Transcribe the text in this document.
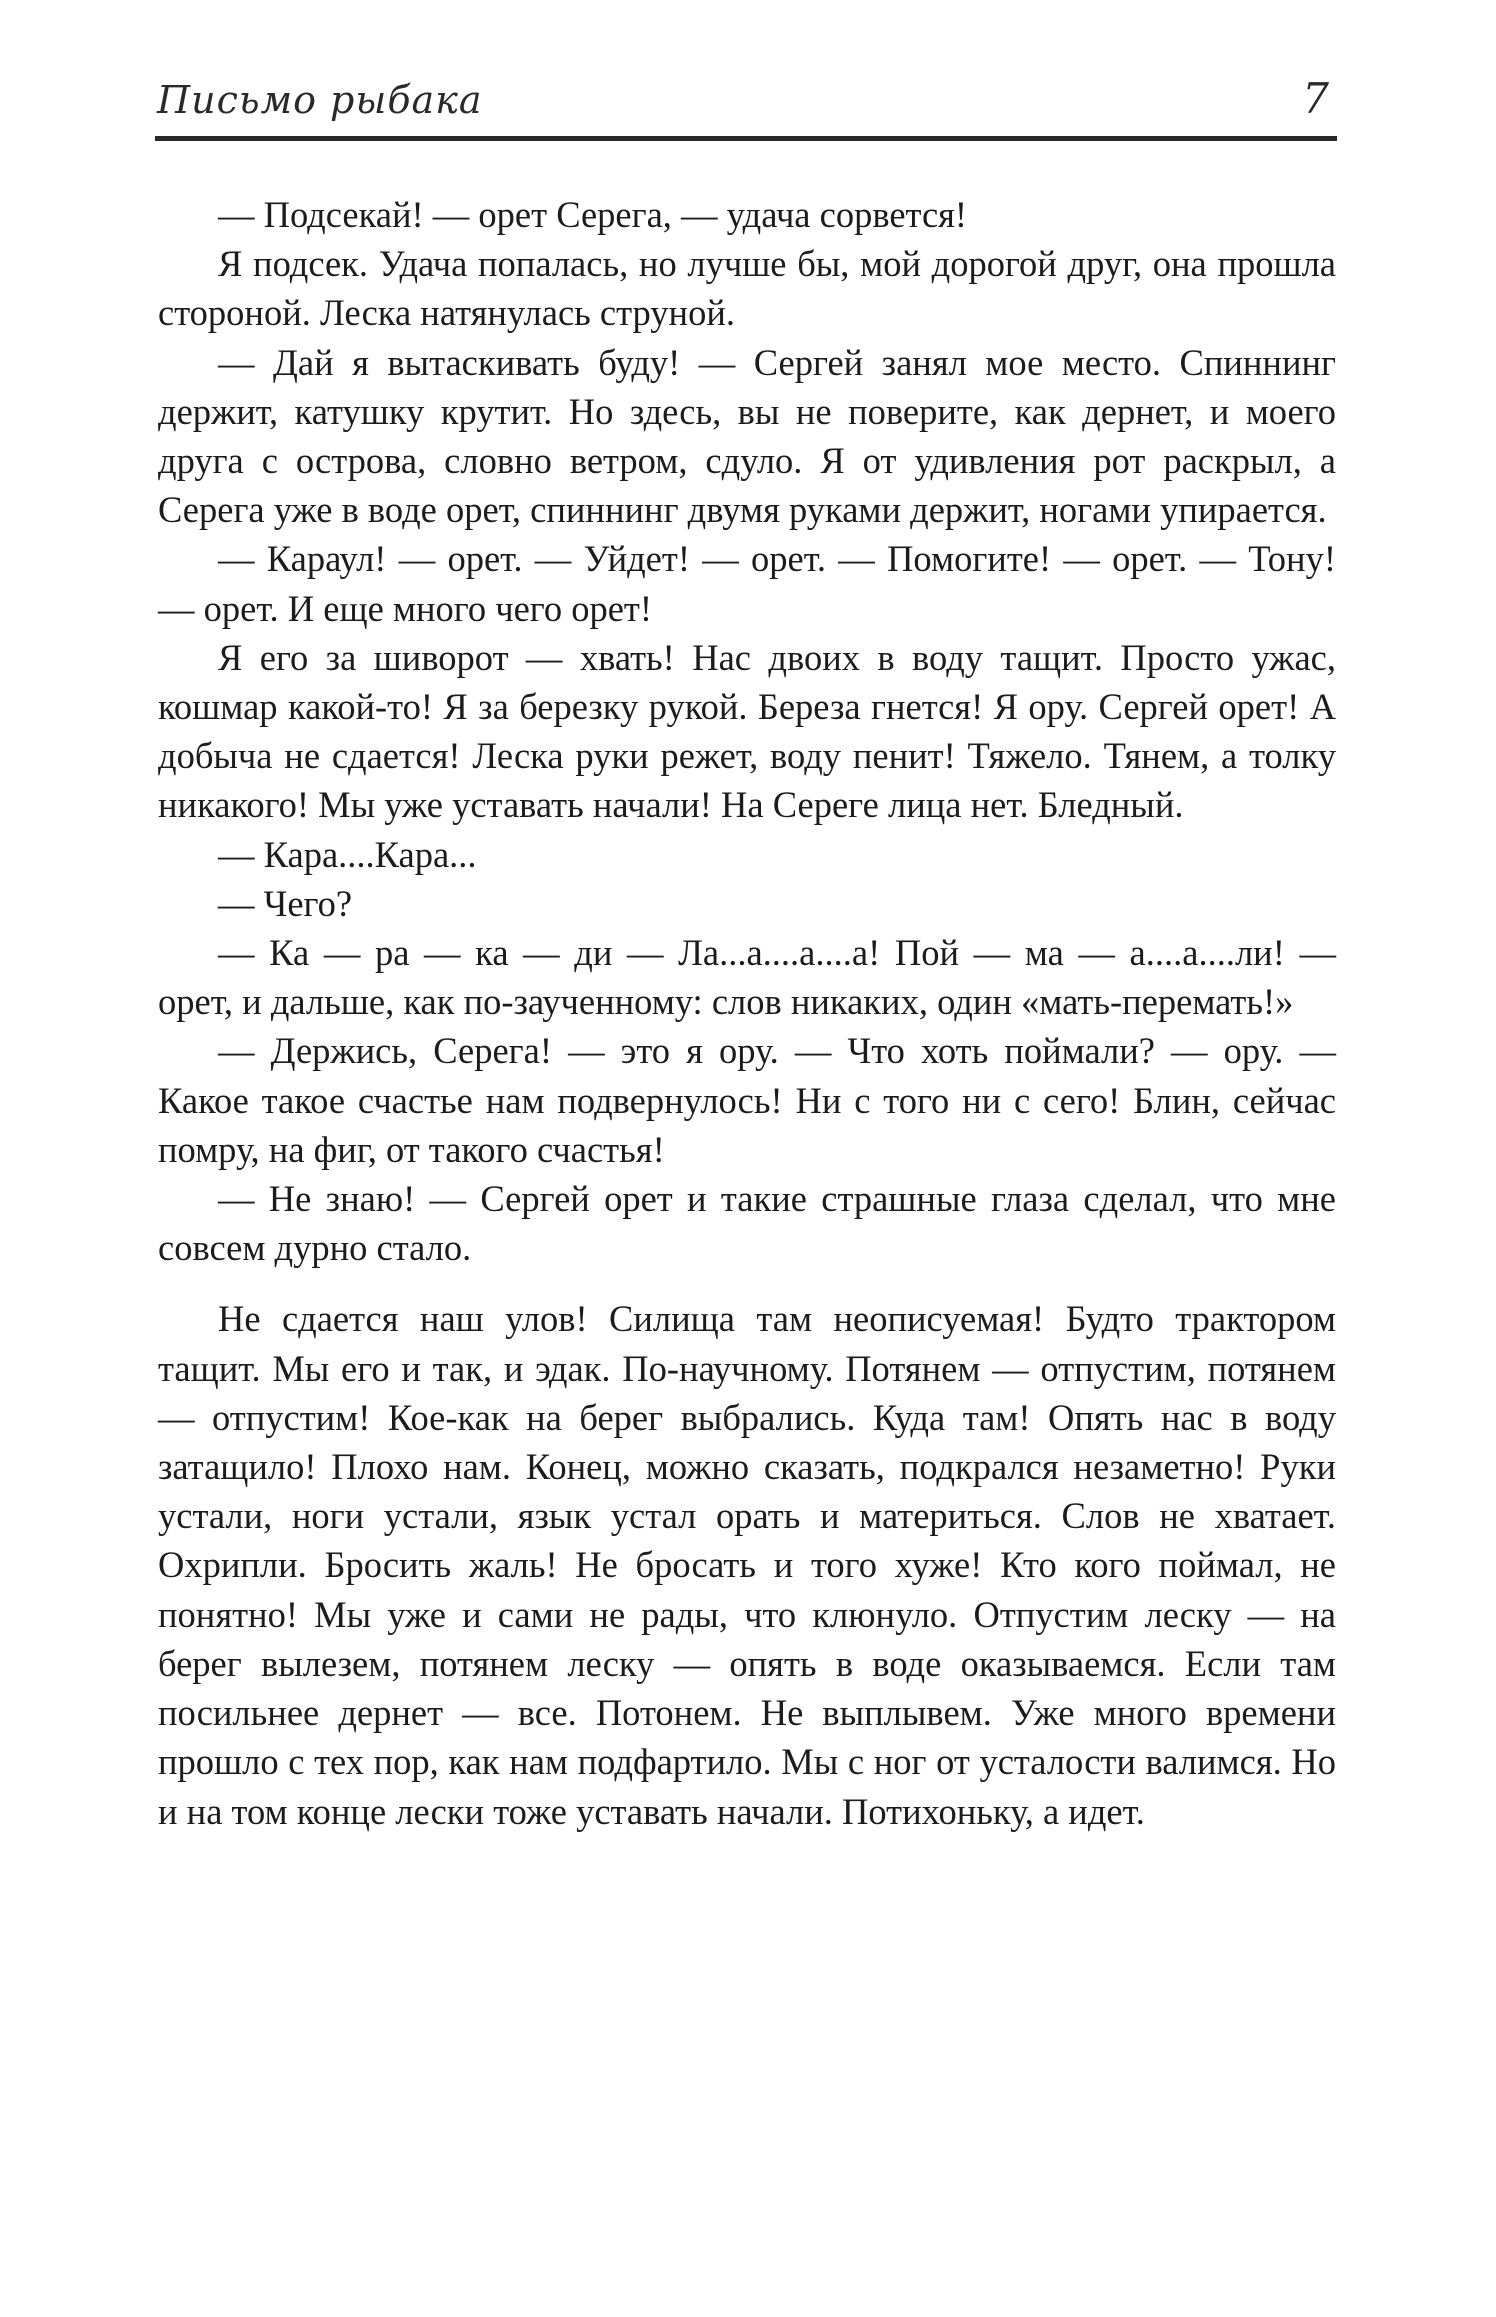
Письмо рыбака	7

— Подсекай! — орет Серега, — удача сорвется!

Я подсек. Удача попалась, но лучше бы, мой дорогой друг, она прошла стороной. Леска натянулась струной.

— Дай я вытаскивать буду! — Сергей занял мое место. Спиннинг держит, катушку крутит. Но здесь, вы не поверите, как дернет, и моего друга с острова, словно ветром, сдуло. Я от удивления рот раскрыл, а Серега уже в воде орет, спиннинг двумя руками держит, ногами упирается.

— Караул! — орет. — Уйдет! — орет. — Помогите! — орет. — Тону! — орет. И еще много чего орет!

Я его за шиворот — хвать! Нас двоих в воду тащит. Просто ужас, кошмар какой-то! Я за березку рукой. Береза гнется! Я ору. Сергей орет! А добыча не сдается! Леска руки режет, воду пенит! Тяжело. Тянем, а толку никакого! Мы уже уставать начали! На Сереге лица нет. Бледный.

— Кара....Кара...

— Чего?

— Ка — ра — ка — ди — Ла...а....а....а! Пой — ма — а....а....ли! — орет, и дальше, как по-заученному: слов никаких, один «мать-перемать!»

— Держись, Серега! — это я ору. — Что хоть поймали? — ору. — Какое такое счастье нам подвернулось! Ни с того ни с сего! Блин, сейчас помру, на фиг, от такого счастья!

— Не знаю! — Сергей орет и такие страшные глаза сделал, что мне совсем дурно стало.

Не сдается наш улов! Силища там неописуемая! Будто трактором тащит. Мы его и так, и эдак. По-научному. Потянем — отпустим, потянем — отпустим! Кое-как на берег выбрались. Куда там! Опять нас в воду затащило! Плохо нам. Конец, можно сказать, подкрался незаметно! Руки устали, ноги устали, язык устал орать и материться. Слов не хватает. Охрипли. Бросить жаль! Не бросать и того хуже! Кто кого поймал, не понятно! Мы уже и сами не рады, что клюнуло. Отпустим леску — на берег вылезем, потянем леску — опять в воде оказываемся. Если там посильнее дернет — все. Потонем. Не выплывем. Уже много времени прошло с тех пор, как нам подфартило. Мы с ног от усталости валимся. Но и на том конце лески тоже уставать начали. Потихоньку, а идет.
